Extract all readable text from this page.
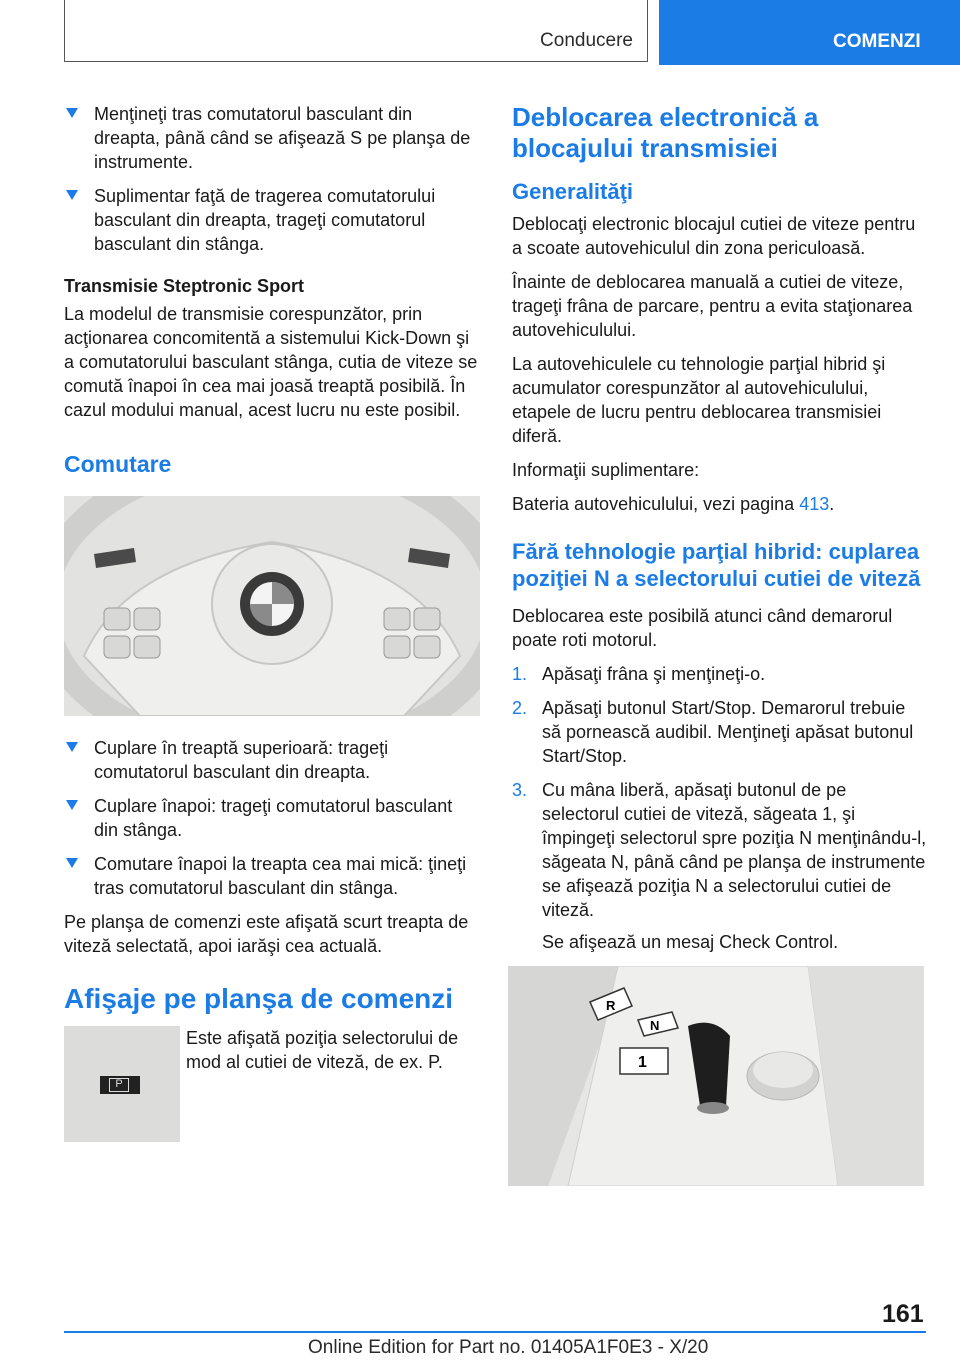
Conducere	COMENZI
Menţineţi tras comutatorul basculant din dreapta, până când se afişează S pe planşa de instrumente.
Suplimentar faţă de tragerea comutatorului basculant din dreapta, trageţi comutatorul basculant din stânga.
Transmisie Steptronic Sport

La modelul de transmisie corespunzător, prin acţionarea concomitentă a sistemului Kick-Down şi a comutatorului basculant stânga, cutia de viteze se comută înapoi în cea mai joasă treaptă posibilă. În cazul modului manual, acest lucru nu este posibil.

Comutare
Cuplare în treaptă superioară: trageţi comutatorul basculant din dreapta.
Cuplare înapoi: trageţi comutatorul basculant din stânga.
Comutare înapoi la treapta cea mai mică: ţineţi tras comutatorul basculant din stânga.

Pe planşa de comenzi este afişată scurt treapta de viteză selectată, apoi iarăşi cea actuală.

Afişaje pe planşa de comenzi
P
Este afişată poziţia selectorului de mod al cutiei de viteză, de ex. P.
Deblocarea electronică a blocajului transmisiei
Generalităţi

Deblocaţi electronic blocajul cutiei de viteze pentru a scoate autovehiculul din zona periculoasă.

Înainte de deblocarea manuală a cutiei de viteze, trageţi frâna de parcare, pentru a evita staţionarea autovehiculului.

La autovehiculele cu tehnologie parţial hibrid şi acumulator corespunzător al autovehiculului, etapele de lucru pentru deblocarea transmisiei diferă.

Informaţii suplimentare:

Bateria autovehiculului, vezi pagina 413.

Fără tehnologie parţial hibrid: cuplarea poziţiei N a selectorului cutiei de viteză

Deblocarea este posibilă atunci când demarorul poate roti motorul.

1. Apăsaţi frâna şi menţineţi-o.
2. Apăsaţi butonul Start/Stop. Demarorul trebuie să pornească audibil. Menţineţi apăsat butonul Start/Stop.
3. Cu mâna liberă, apăsaţi butonul de pe selectorul cutiei de viteză, săgeata 1, şi împingeţi selectorul spre poziţia N menţinându-l, săgeata N, până când pe planşa de instrumente se afişează poziţia N a selectorului cutiei de viteză.
Se afişează un mesaj Check Control.
R
N
1
161
Online Edition for Part no. 01405A1F0E3 - X/20
